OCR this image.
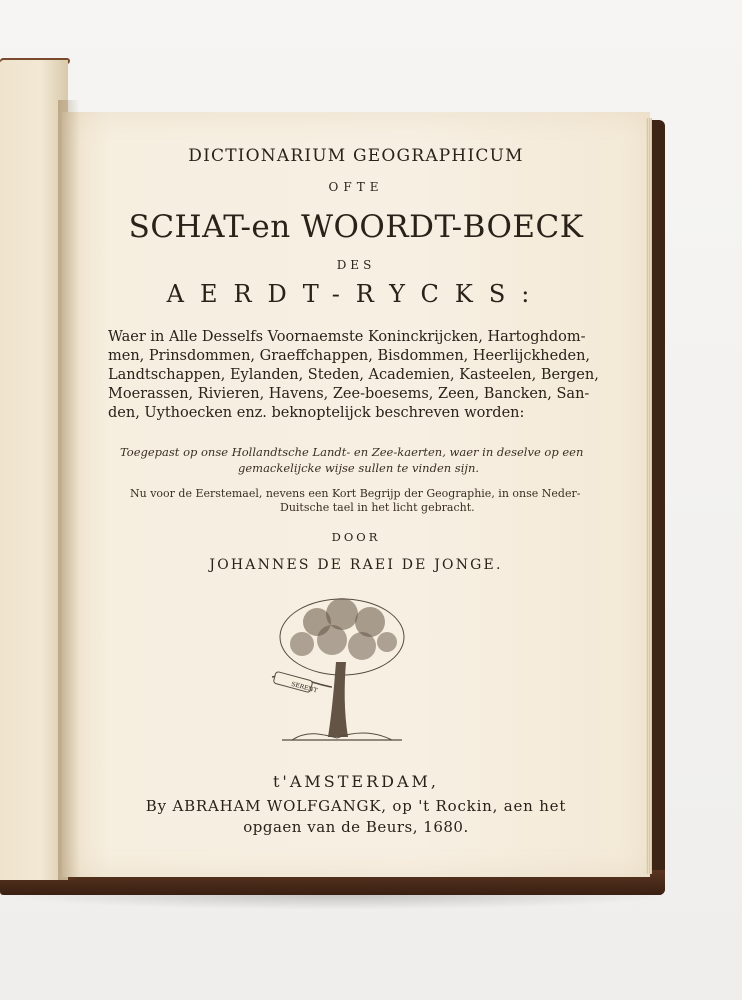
DICTIONARIUM GEOGRAPHICUM
OFTE
SCHAT-en WOORDT-BOECK
DES
AERDT-RYCKS:
Waer in Alle Desselfs Voornaemste Koninckrijcken, Hartoghdom-
men, Prinsdommen, Graeffchappen, Bisdommen, Heerlijckheden,
Landtschappen, Eylanden, Steden, Academien, Kasteelen, Bergen,
Moerassen, Rivieren, Havens, Zee-boesems, Zeen, Bancken, San-
den, Uythoecken enz. beknoptelijck beschreven worden:
Toegepast op onse Hollandtsche Landt- en Zee-kaerten, waer in deselve op een
gemackelijcke wijse sullen te vinden sijn.
Nu voor de Eerstemael, nevens een Kort Begrijp der Geographie, in onse Neder-
Duitsche tael in het licht gebracht.
DOOR
JOHANNES DE RAEI DE JONGE.
SERENT
t'AMSTERDAM,
By ABRAHAM WOLFGANGK, op 't Rockin, aen het
opgaen van de Beurs, 1680.
